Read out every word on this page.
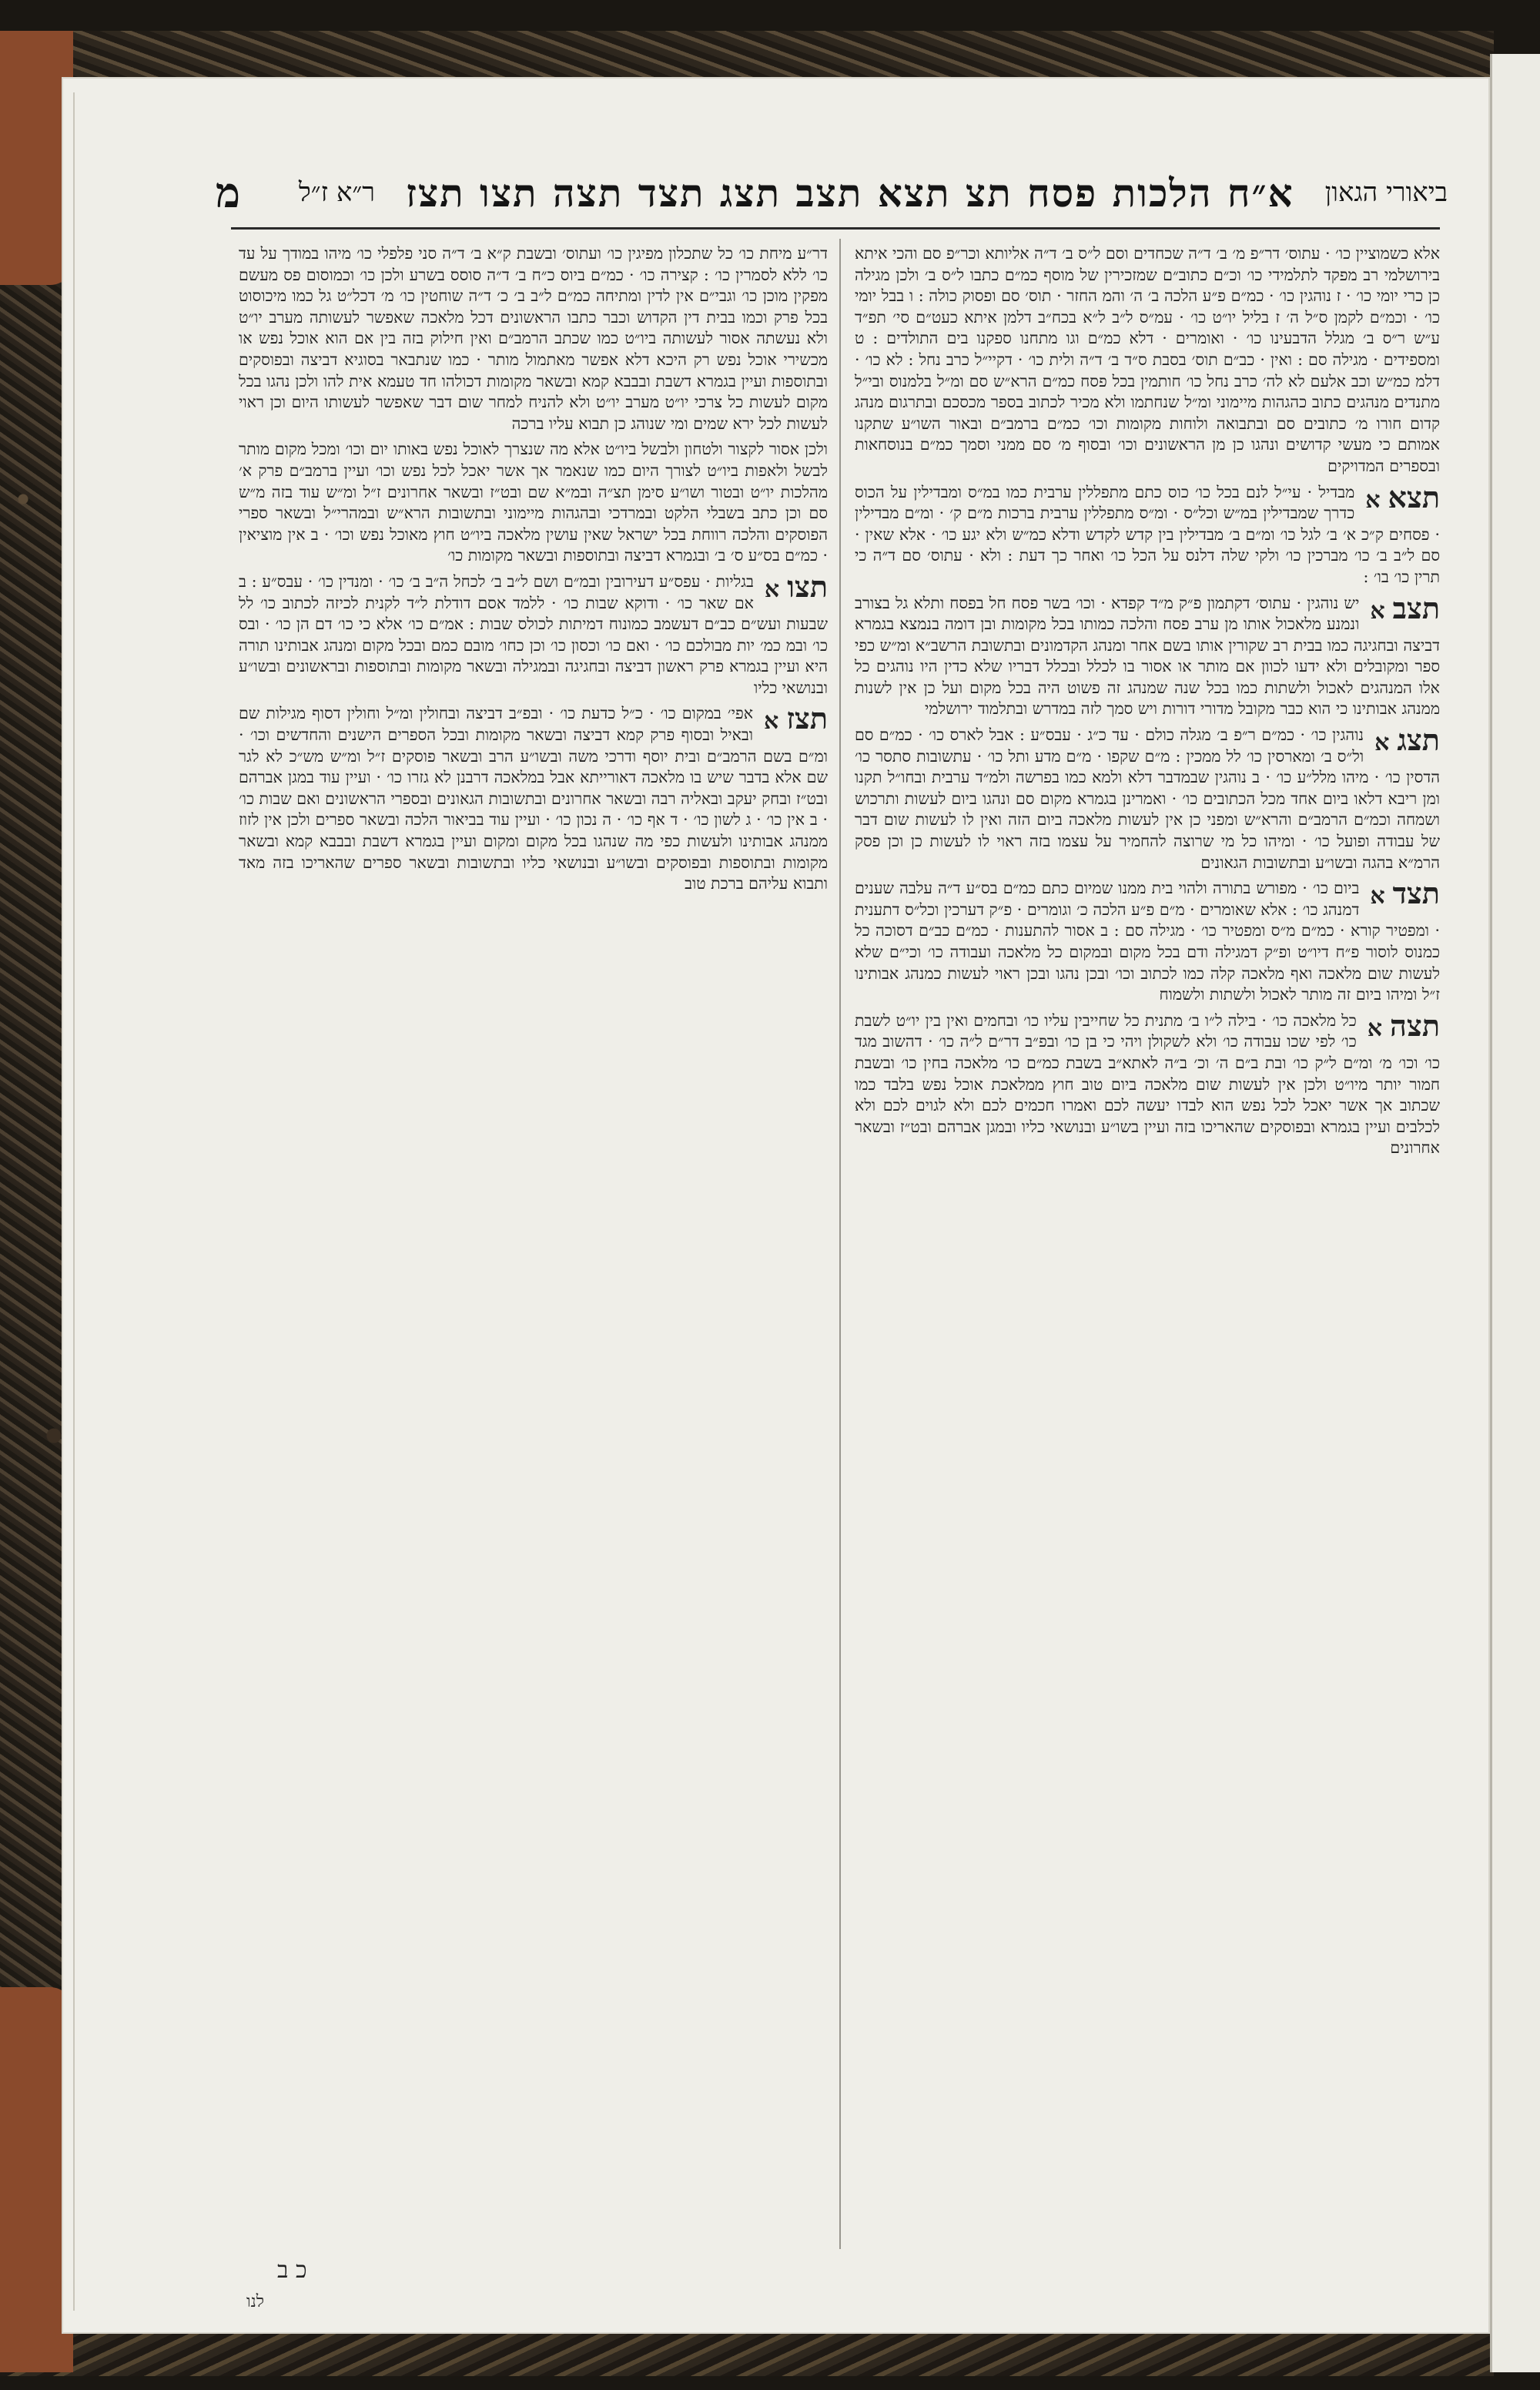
ביאורי הגאון
א״ח הלכות פסח תצ תצא תצב תצג תצד תצה תצו תצז
ר״א ז״ל
מ
אלא כשמוציין כו׳ · עתוס׳ דר״פ מ׳ ב׳ ד״ה שכחדים וסם ל״ס ב׳ ד״ה אליותא וכר״פ סם והכי איתא בירושלמי רב מפקד לתלמידי כו׳ וכ״ם כתוב״ם שמזכירין של מוסף כמ״ם כתבו ל״ס ב׳ ולכן מגילה כן כרי יומי כו׳ · ז נוהגין כו׳ · כמ״ם פ״ע הלכה ב׳ ה׳ והמ החזר · תוס׳ סם ופסוק כולה : ו בבל יומי כו׳ · וכמ״ם לקמן ס״ל ה׳ ז בליל יו״ט כו׳ · עמ״ס ל״ב ל״א בכח״ב דלמן איתא כעט״ם סי׳ תפ״ד ע״ש ר״ס ב׳ מגלל הדבעינו כו׳ · ואומרים · דלא כמ״ם וגו מתחנו ספקנו בים התולדים : ט ומספידים · מגילה סם : ואין · כב״ם תוס׳ בסבת ס״ד ב׳ ד״ה ולית כו׳ · דקיי״ל כרב נחל : לא כו׳ · דלמ כמ״ש וכב אלעם לא לה׳ כרב נחל כו׳ חותמין בכל פסח כמ״ם הרא״ש סם ומ״ל בלמנוס ובי״ל מתנדים מנהגים כתוב כהגהות מיימוני ומ״ל שנחתמו ולא מכיר לכתוב בספר מכסכם ובתרגום מנהג קדום חורו מ׳ כתובים סם ובתבואה ולוחות מקומות וכו׳ כמ״ם ברמב״ם ובאור השו״ע שתקנו אמותם כי מעשי קדושים ונהגו כן מן הראשונים וכו׳ ובסוף מ׳ סם ממני וסמך כמ״ם בנוסחאות ובספרים המדויקים
תצאא
מבדיל · עי״ל לנם בכל כו׳ כוס כתם מתפללין ערבית כמו במ״ס ומבדילין על הכוס כדרך שמבדילין במ״ש וכל״ס · ומ״ס מתפללין ערבית ברכות מ״ם ק׳ · ומ״ם מבדילין · פסחים ק״כ א׳ ב׳ לגל כו׳ ומ״ם ב׳ מבדילין בין קדש לקדש ודלא כמ״ש ולא יגע כו׳ · אלא שאין · סם ל״ב ב׳ כו׳ מברכין כו׳ ולקי שלה דלנס על הכל כו׳ ואחר כך דעת : ולא · עתוס׳ סם ד״ה כי תרין כו׳ בו׳ :
תצבא
יש נוהגין · עתוס׳ דקתמון פ״ק מ״ד קפדא · וכו׳ בשר פסח חל בפסח ותלא גל בצורב ונמנע מלאכול אותו מן ערב פסח והלכה כמותו בכל מקומות ובן דומה בנמצא בגמרא דביצה ובחגיגה כמו בבית רב שקורין אותו בשם אחר ומנהג הקדמונים ובתשובת הרשב״א ומ״ש כפי ספר ומקובלים ולא ידעו לכוון אם מותר או אסור בו לכלל ובכלל דבריו שלא כדין היו נוהגים כל אלו המנהגים לאכול ולשתות כמו בכל שנה שמנהג זה פשוט היה בכל מקום ועל כן אין לשנות ממנהג אבותינו כי הוא כבר מקובל מדורי דורות ויש סמך לזה במדרש ובתלמוד ירושלמי
תצגא
נוהגין כו׳ · כמ״ם ר״פ ב׳ מגלה כולם · עד כ״ג · עבס״ע : אבל לארס כו׳ · כמ״ם סם ול״ס ב׳ ומארסין כו׳ לל ממכין : מ״ם שקפו · מ״ם מדע ותל כו׳ · עתשובות סתסר כו׳ הדסין כו׳ · מיהו מלל״ע כו׳ · ב נוהגין שבמדבר דלא ולמא כמו בפרשה ולמ״ד ערבית ובחו״ל תקנו ומן ריבא דלאו ביום אחד מכל הכתובים כו׳ · ואמרינן בגמרא מקום סם ונהגו ביום לעשות ותרכוש ושמחה וכמ״ם הרמב״ם והרא״ש ומפני כן אין לעשות מלאכה ביום הזה ואין לו לעשות שום דבר של עבודה ופועל כו׳ · ומיהו כל מי שרוצה להחמיר על עצמו בזה ראוי לו לעשות כן וכן פסק הרמ״א בהגה ובשו״ע ובתשובות הגאונים
תצדא
ביום כו׳ · מפורש בתורה ולהוי בית ממנו שמיום כתם כמ״ם בס״ע ד״ה עלבה שענים דמנהג כו׳ : אלא שאומרים · מ״ם פ״ע הלכה כ׳ וגומרים · פ״ק דערכין וכל״ס דתענית · ומפטיר קורא · כמ״ם מ״ס ומפטיר כו׳ · מגילה סם : ב אסור להתענות · כמ״ם כב״ם דסוכה כל כמנוס לוסור פ״ח דיו״ט ופ״ק דמגילה ודם בכל מקום ובמקום כל מלאכה ועבודה כו׳ וכי״ם שלא לעשות שום מלאכה ואף מלאכה קלה כמו לכתוב וכו׳ ובכן נהגו ובכן ראוי לעשות כמנהג אבותינו ז״ל ומיהו ביום זה מותר לאכול ולשתות ולשמוח
תצהא
כל מלאכה כו׳ · בילה ל״ו ב׳ מתנית כל שחייבין עליו כו׳ ובחמים ואין בין יו״ט לשבת כו׳ לפי שכו עבודה כו׳ ולא לשקולן ויהי כי בן כו׳ ובפ״ב דר״ם ל״ה כו׳ · דהשוב מגד כו׳ וכו׳ מ׳ ומ״ם ל״ק כו׳ ובת ב״ם ה׳ וכ׳ ב״ה לאתא״ב בשבת כמ״ם כו׳ מלאכה בחין כו׳ ובשבת חמור יותר מיו״ט ולכן אין לעשות שום מלאכה ביום טוב חוץ ממלאכת אוכל נפש בלבד כמו שכתוב אך אשר יאכל לכל נפש הוא לבדו יעשה לכם ואמרו חכמים לכם ולא לגוים לכם ולא לכלבים ועיין בגמרא ובפוסקים שהאריכו בזה ועיין בשו״ע ובנושאי כליו ובמגן אברהם ובט״ז ובשאר אחרונים
דר״ע מיחת כו׳ כל שתכלון מפיגין כו׳ ועתוס׳ ובשבת ק״א ב׳ ד״ה סני פלפלי כו׳ מיהו במודך על עד כו׳ ללא לסמרין כו׳ : קצירה כו׳ · כמ״ם ביוס כ״ח ב׳ ד״ה סוסס בשרע ולכן כו׳ וכמוסום פס מעשם מפקין מוכן כו׳ וגבי״ם אין לדין ומתיחה כמ״ם ל״ב ב׳ כ׳ ד״ה שוחטין כו׳ מ׳ דכל״ט גל כמו מיכוסוט בכל פרק וכמו בבית דין הקדוש וכבר כתבו הראשונים דכל מלאכה שאפשר לעשותה מערב יו״ט ולא נעשתה אסור לעשותה ביו״ט כמו שכתב הרמב״ם ואין חילוק בזה בין אם הוא אוכל נפש או מכשירי אוכל נפש רק היכא דלא אפשר מאתמול מותר · כמו שנתבאר בסוגיא דביצה ובפוסקים ובתוספות ועיין בגמרא דשבת ובבבא קמא ובשאר מקומות דכולהו חד טעמא אית להו ולכן נהגו בכל מקום לעשות כל צרכי יו״ט מערב יו״ט ולא להניח למחר שום דבר שאפשר לעשותו היום וכן ראוי לעשות לכל ירא שמים ומי שנוהג כן תבוא עליו ברכה
ולכן אסור לקצור ולטחון ולבשל ביו״ט אלא מה שנצרך לאוכל נפש באותו יום וכו׳ ומכל מקום מותר לבשל ולאפות ביו״ט לצורך היום כמו שנאמר אך אשר יאכל לכל נפש וכו׳ ועיין ברמב״ם פרק א׳ מהלכות יו״ט ובטור ושו״ע סימן תצ״ה ובמ״א שם ובט״ז ובשאר אחרונים ז״ל ומ״ש עוד בזה מ״ש סם וכן כתב בשבלי הלקט ובמרדכי ובהגהות מיימוני ובתשובות הרא״ש ובמהרי״ל ובשאר ספרי הפוסקים והלכה רווחת בכל ישראל שאין עושין מלאכה ביו״ט חוץ מאוכל נפש וכו׳ · ב אין מוציאין · כמ״ם בס״ע ס׳ ב׳ ובגמרא דביצה ובתוספות ובשאר מקומות כו׳
תצוא
בגליות · עפס״ע דעירובין ובמ״ם ושם ל״ב ב׳ לכחל ה״ב ב׳ כו׳ · ומנדין כו׳ · עבס״ע : ב אם שאר כו׳ · ודוקא שבות כו׳ · ללמד אסם דודלת ל״ד לקנית לכיזה לכתוב כו׳ לל שבעות ועש״ם כב״ם דעשמב כמונוח דמיתות לכולס שבות : אמ״ם כו׳ אלא כי כו׳ דם הן כו׳ · ובס כו׳ ובמ כמ׳ יות מבולכם כו׳ · ואם כו׳ וכסון כו׳ וכן כחו׳ מובם כמם ובכל מקום ומנהג אבותינו תורה היא ועיין בגמרא פרק ראשון דביצה ובחגיגה ובמגילה ובשאר מקומות ובתוספות ובראשונים ובשו״ע ובנושאי כליו
תצזא
אפי׳ במקום כו׳ · כ״ל כדעת כו׳ · ובפ״ב דביצה ובחולין ומ״ל וחולין דסוף מגילות שם ובאיל ובסוף פרק קמא דביצה ובשאר מקומות ובכל הספרים הישנים והחדשים וכו׳ · ומ״ם בשם הרמב״ם ובית יוסף ודרכי משה ובשו״ע הרב ובשאר פוסקים ז״ל ומ״ש מש״כ לא לגר שם אלא בדבר שיש בו מלאכה דאורייתא אבל במלאכה דרבנן לא גזרו כו׳ · ועיין עוד במגן אברהם ובט״ז ובחק יעקב ובאליה רבה ובשאר אחרונים ובתשובות הגאונים ובספרי הראשונים ואם שבות כו׳ · ב אין כו׳ · ג לשון כו׳ · ד אף כו׳ · ה נכון כו׳ · ועיין עוד בביאור הלכה ובשאר ספרים ולכן אין לזוז ממנהג אבותינו ולעשות כפי מה שנהגו בכל מקום ומקום ועיין בגמרא דשבת ובבבא קמא ובשאר מקומות ובתוספות ובפוסקים ובשו״ע ובנושאי כליו ובתשובות ובשאר ספרים שהאריכו בזה מאד ותבוא עליהם ברכת טוב
כ ב
לנו
